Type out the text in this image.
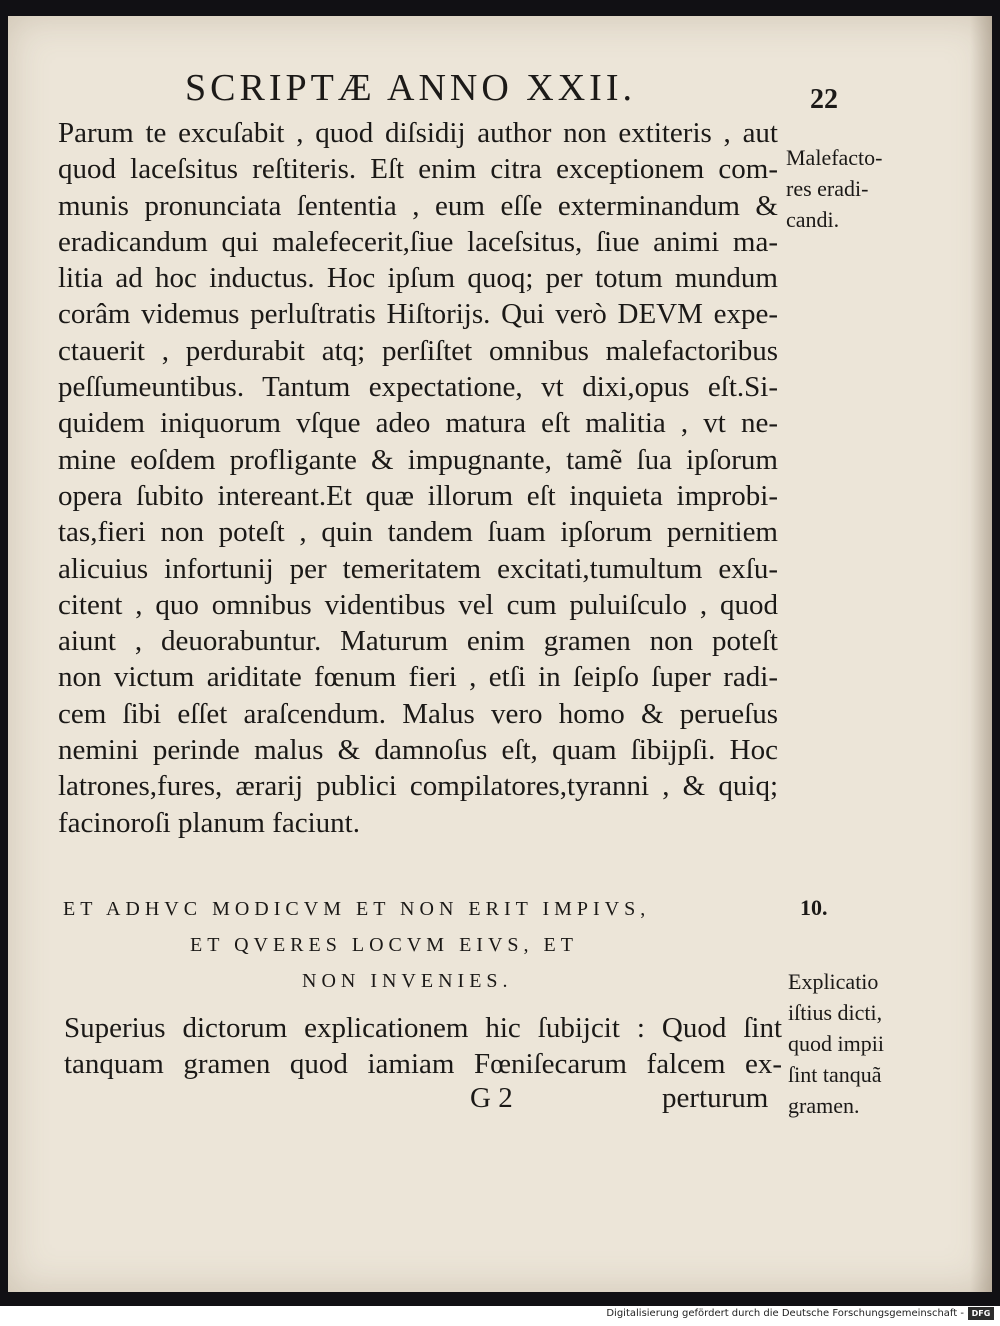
SCRIPTÆ ANNO XXII.	22
Parum te excuſabit , quod diſsidij author non extiteris , aut
quod laceſsitus reſtiteris. Eſt enim citra exceptionem com-
munis pronunciata ſententia , eum eſſe exterminandum &
eradicandum qui malefecerit,ſiue laceſsitus, ſiue animi ma-
litia ad hoc inductus. Hoc ipſum quoq; per totum mundum
corâm videmus perluſtratis Hiſtorijs. Qui verò DEVM expe-
ctauerit , perdurabit atq; perſiſtet omnibus malefactoribus
peſſumeuntibus. Tantum expectatione, vt dixi,opus eſt.Si-
quidem iniquorum vſque adeo matura eſt malitia , vt ne-
mine eoſdem profligante & impugnante, tamẽ ſua ipſorum
opera ſubito intereant.Et quæ illorum eſt inquieta improbi-
tas,fieri non poteſt , quin tandem ſuam ipſorum pernitiem
alicuius infortunij per temeritatem excitati,tumultum exſu-
citent , quo omnibus videntibus vel cum puluiſculo , quod
aiunt , deuorabuntur. Maturum enim gramen non poteſt
non victum ariditate fœnum fieri , etſi in ſeipſo ſuper radi-
cem ſibi eſſet araſcendum. Malus vero homo & perueſus
nemini perinde malus & damnoſus eſt, quam ſibijpſi. Hoc
latrones,fures, ærarij publici compilatores,tyranni , & quiq;
facinoroſi planum faciunt.
Malefacto-
res eradi-
candi.
ET ADHVC MODICVM ET NON ERIT IMPIVS,
ET QVERES LOCVM EIVS, ET
NON INVENIES.
10.
Superius dictorum explicationem hic ſubijcit : Quod ſint
tanquam gramen quod iamiam Fœniſecarum falcem ex-
Explicatio
iſtius dicti,
quod impii
ſint tanquã
gramen.
G 2	perturum
Digitalisierung gefördert durch die Deutsche Forschungsgemeinschaft - DFG
